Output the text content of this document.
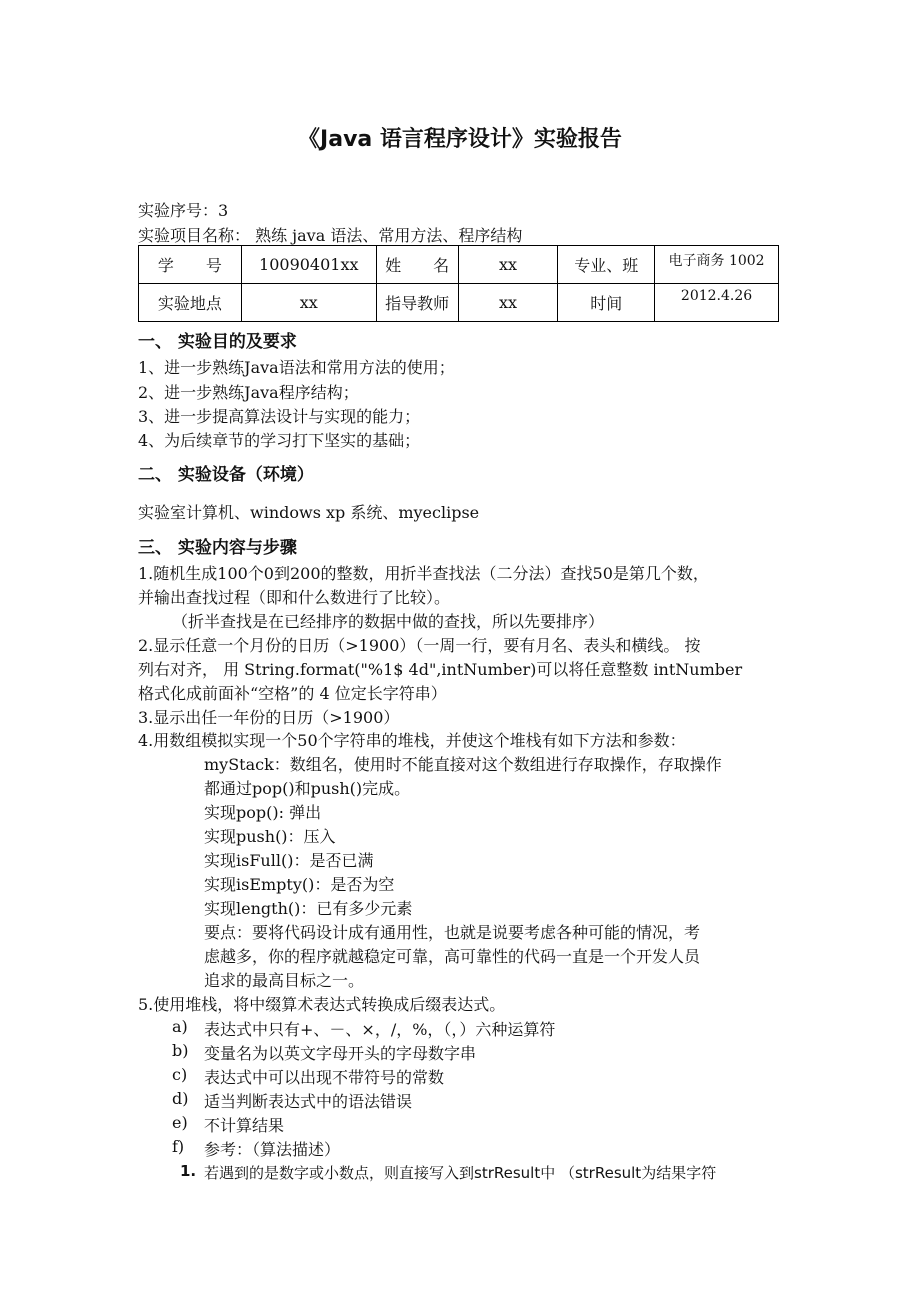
《Java 语言程序设计》实验报告
实验序号：3
实验项目名称： 熟练 java 语法、常用方法、程序结构
学　　号	10090401xx	姓　　名	xx	专业、班	电子商务 1002
实验地点	xx	指导教师	xx	时间	2012.4.26
一、 实验目的及要求
1、进一步熟练Java语法和常用方法的使用；
2、进一步熟练Java程序结构；
3、进一步提高算法设计与实现的能力；
4、为后续章节的学习打下坚实的基础；
二、 实验设备（环境）
实验室计算机、windows xp 系统、myeclipse
三、 实验内容与步骤
1.随机生成100个0到200的整数，用折半查找法（二分法）查找50是第几个数，
并输出查找过程（即和什么数进行了比较）。
（折半查找是在已经排序的数据中做的查找，所以先要排序）
2.显示任意一个月份的日历（>1900）（一周一行，要有月名、表头和横线。 按
列右对齐， 用 String.format("%1$ 4d",intNumber)可以将任意整数 intNumber
格式化成前面补“空格”的 4 位定长字符串）
3.显示出任一年份的日历（>1900）
4.用数组模拟实现一个50个字符串的堆栈，并使这个堆栈有如下方法和参数：
myStack：数组名，使用时不能直接对这个数组进行存取操作，存取操作
都通过pop()和push()完成。
实现pop(): 弹出
实现push()：压入
实现isFull()：是否已满
实现isEmpty()：是否为空
实现length()：已有多少元素
要点：要将代码设计成有通用性，也就是说要考虑各种可能的情况，考
虑越多，你的程序就越稳定可靠，高可靠性的代码一直是一个开发人员
追求的最高目标之一。
5.使用堆栈，将中缀算术表达式转换成后缀表达式。
a) 表达式中只有+、－、×，/，%，（，）六种运算符
b) 变量名为以英文字母开头的字母数字串
c) 表达式中可以出现不带符号的常数
d) 适当判断表达式中的语法错误
e) 不计算结果
f) 参考：（算法描述）
1. 若遇到的是数字或小数点，则直接写入到strResult中 （strResult为结果字符
